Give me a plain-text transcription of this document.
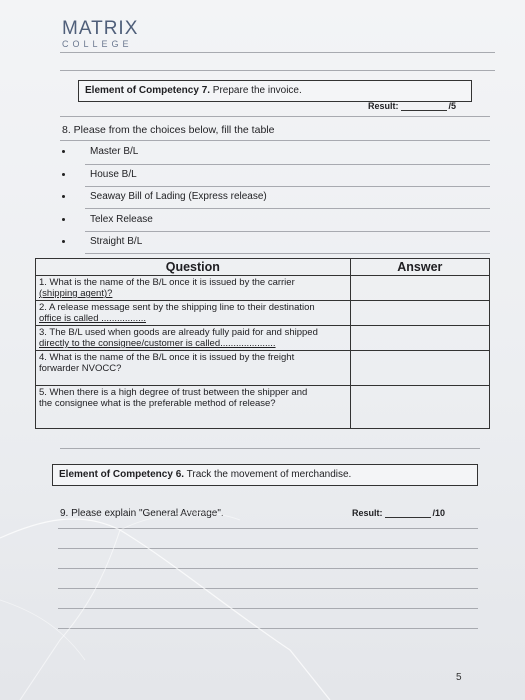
MATRIX
COLLEGE
Element of Competency 7. Prepare the invoice.
Result:	/5
8. Please from the choices below, fill the table
Master B/L
House B/L
Seaway Bill of Lading (Express release)
Telex Release
Straight B/L
Question	Answer

1. What is the name of the B/L once it is issued by the carrier
(shipping agent)?	

2. A release message sent by the shipping line to their destination
office is called .................	

3. The B/L used when goods are already fully paid for and shipped
directly to the consignee/customer is called.....................	

4. What is the name of the B/L once it is issued by the freight
forwarder NVOCC?	

5. When there is a high degree of trust between the shipper and
the consignee what is the preferable method of release?	

Element of Competency 6. Track the movement of merchandise.
Result:	/10
9. Please explain "General Average".
5
